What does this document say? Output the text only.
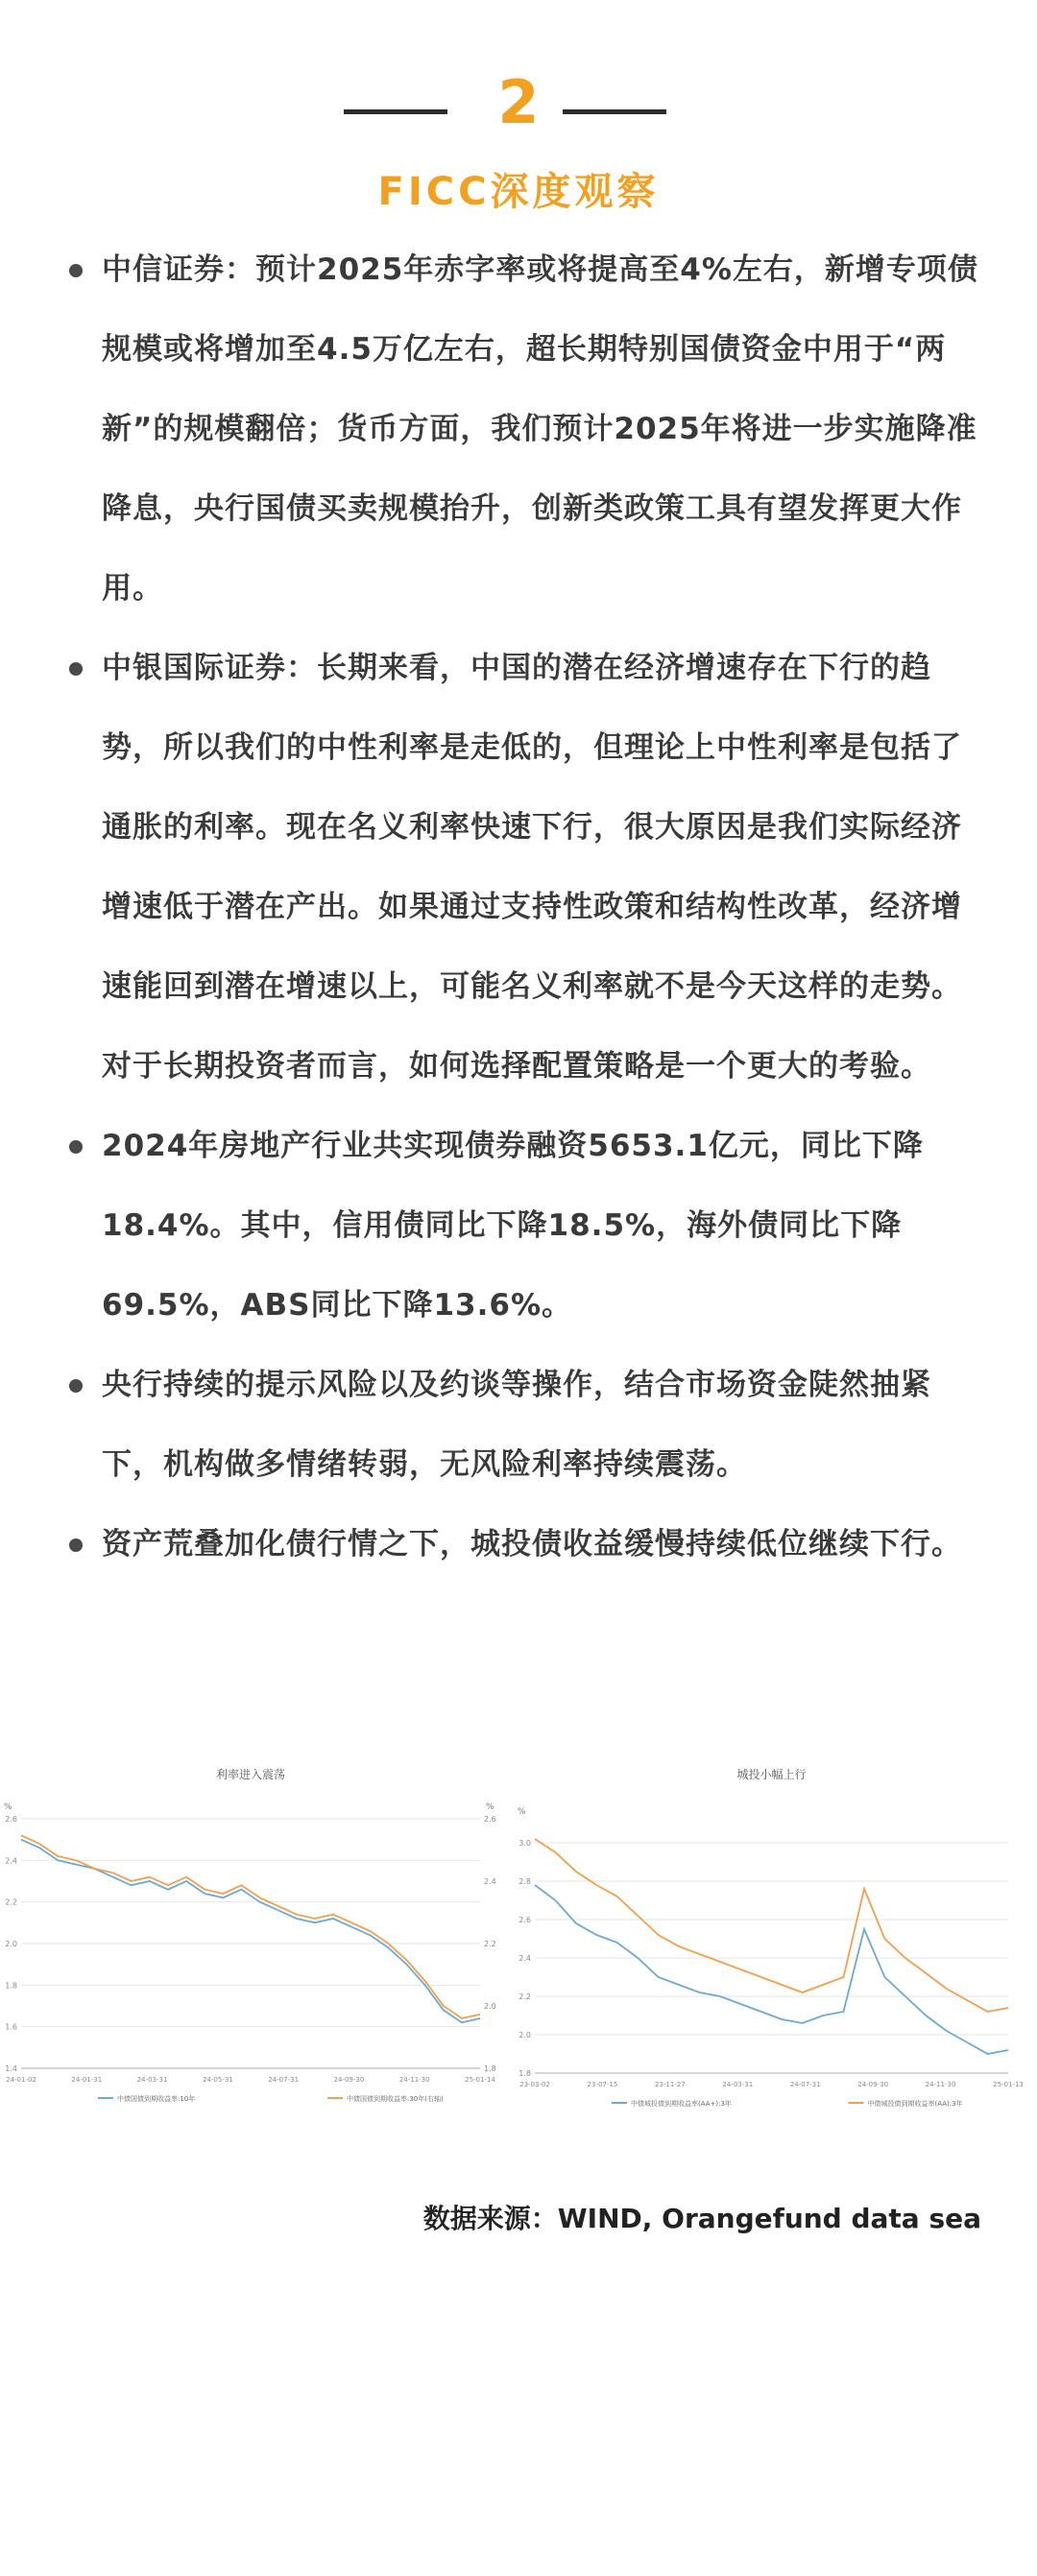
2
FICC深度观察
中信证券：预计2025年赤字率或将提高至4%左右，新增专项债规模或将增加至4.5万亿左右，超长期特别国债资金中用于“两新”的规模翻倍；货币方面，我们预计2025年将进一步实施降准降息，央行国债买卖规模抬升，创新类政策工具有望发挥更大作用。
中银国际证券：长期来看，中国的潜在经济增速存在下行的趋势，所以我们的中性利率是走低的，但理论上中性利率是包括了通胀的利率。现在名义利率快速下行，很大原因是我们实际经济增速低于潜在产出。如果通过支持性政策和结构性改革，经济增速能回到潜在增速以上，可能名义利率就不是今天这样的走势。对于长期投资者而言，如何选择配置策略是一个更大的考验。
2024年房地产行业共实现债券融资5653.1亿元，同比下降18.4%。其中，信用债同比下降18.5%，海外债同比下降69.5%，ABS同比下降13.6%。
央行持续的提示风险以及约谈等操作，结合市场资金陡然抽紧下，机构做多情绪转弱，无风险利率持续震荡。
资产荒叠加化债行情之下，城投债收益缓慢持续低位继续下行。
利率进入震荡
%
1.4
1.6
1.8
2.0
2.2
2.4
2.6
%
1.8
2.0
2.2
2.4
2.6
24-01-02	24-01-31	24-03-31	24-05-31	24-07-31	24-09-30	24-11-30	25-01-14
中债国债到期收益率:10年	中债国债到期收益率:30年(右轴)
城投小幅上行
%
1.8
2.0
2.2
2.4
2.6
2.8
3.0
23-03-02	23-07-15	23-11-27	24-03-31	24-07-31	24-09-30	24-11-30	25-01-13
中债城投债到期收益率(AA+):3年	中债城投债到期收益率(AA):3年
数据来源：WIND, Orangefund data sea
